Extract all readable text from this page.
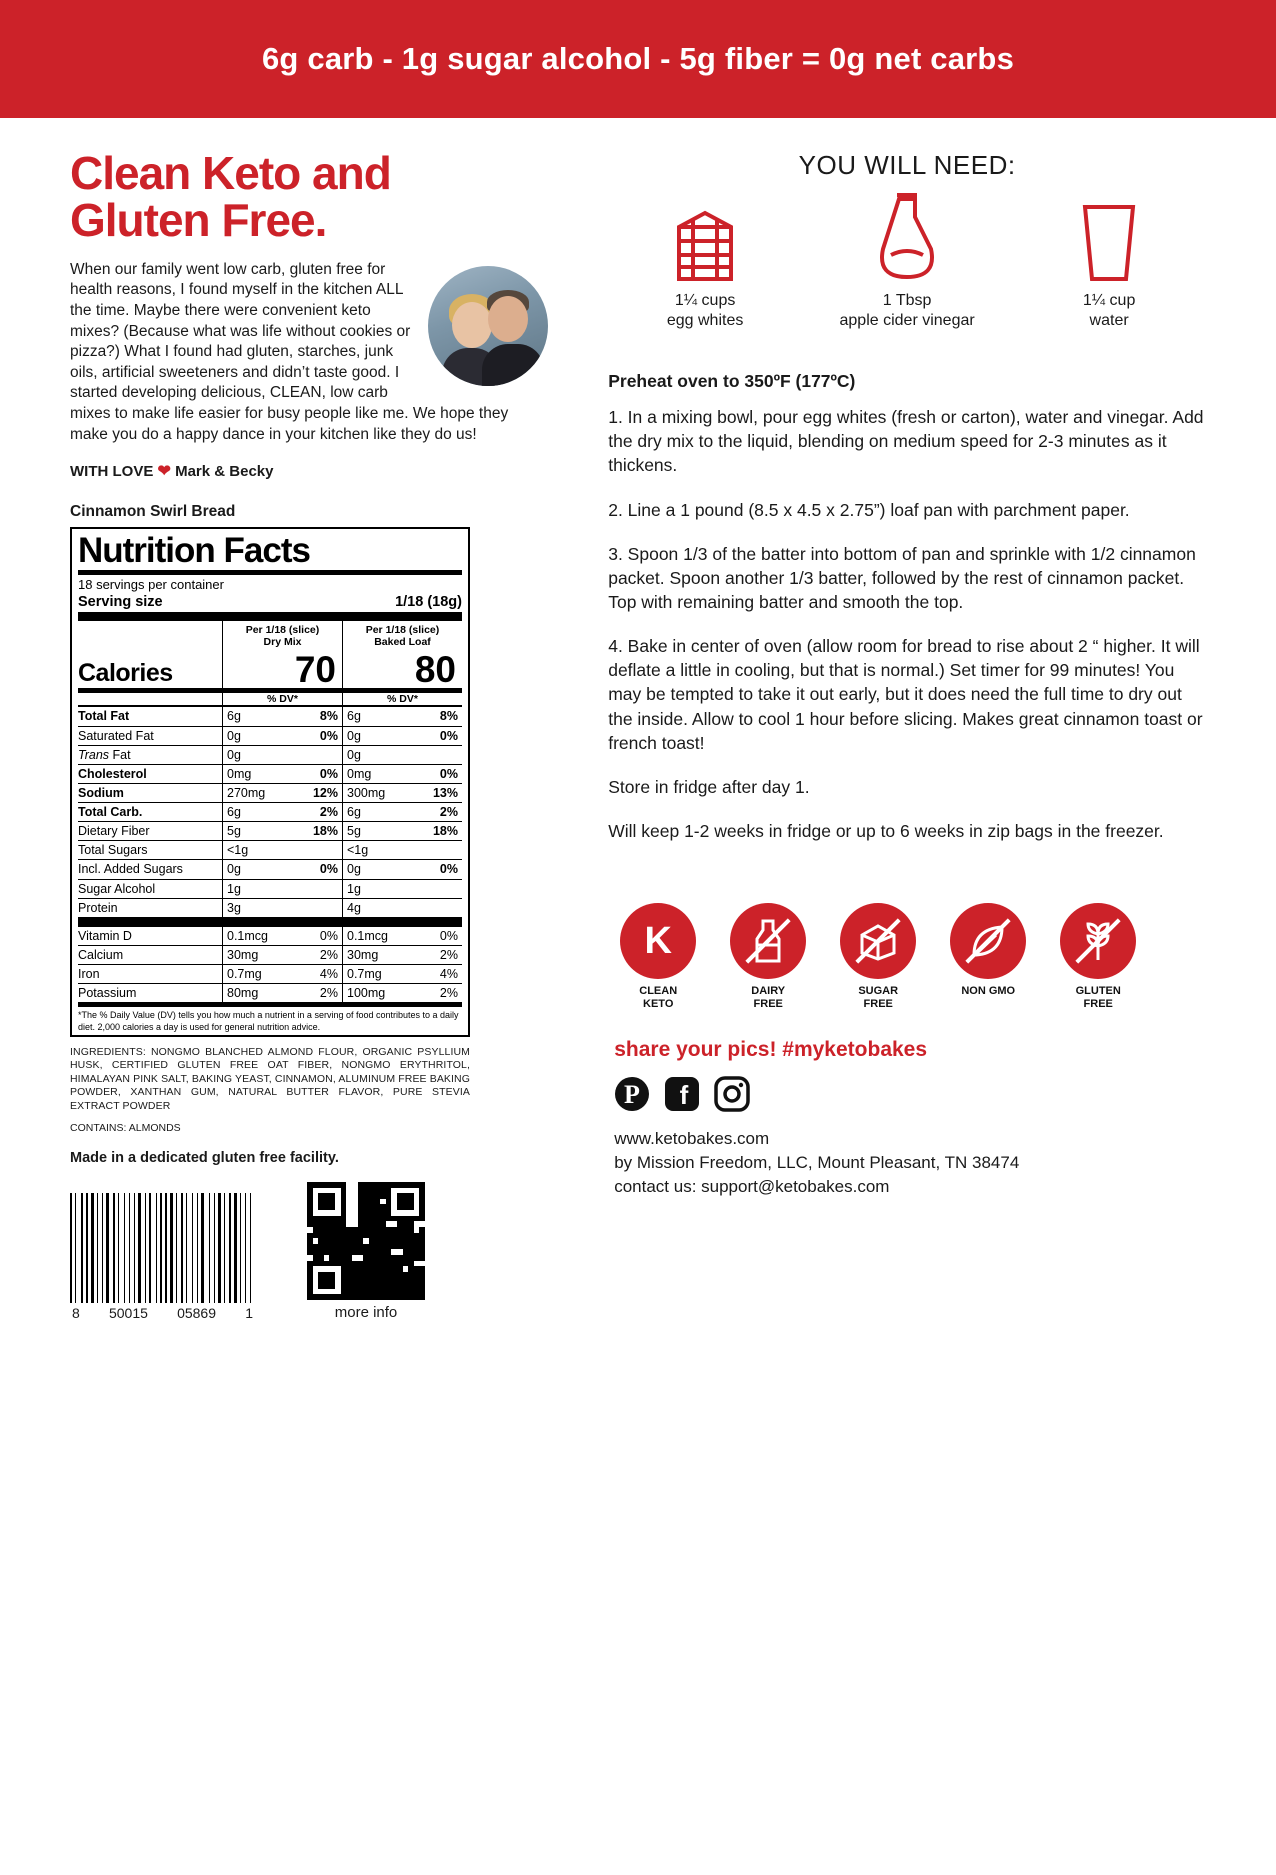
6g carb - 1g sugar alcohol - 5g fiber = 0g net carbs
Clean Keto and
Gluten Free.
When our family went low carb, gluten free for health reasons, I found myself in the kitchen ALL the time. Maybe there were convenient keto mixes? (Because what was life without cookies or pizza?) What I found had gluten, starches, junk oils, artificial sweeteners and didn’t taste good. I started developing delicious, CLEAN, low carb mixes to make life easier for busy people like me. We hope they make you do a happy dance in your kitchen like they do us!
WITH LOVE ❤ Mark & Becky
Cinnamon Swirl Bread
Nutrition Facts
18 servings per container
Serving size	1/18 (18g)
Per 1/18 (slice)
Dry Mix
Per 1/18 (slice)
Baked Loaf
Calories	70	80
% DV*	% DV*
Total Fat	6g	8% 6g	8%
Saturated Fat	0g	0% 0g	0%
Trans Fat	0g	0g
Cholesterol	0mg	0% 0mg	0%
Sodium	270mg	12% 300mg	13%
Total Carb.	6g	2% 6g	2%
Dietary Fiber	5g	18% 5g	18%
Total Sugars	<1g	<1g
Incl. Added Sugars	0g	0% 0g	0%
Sugar Alcohol	1g	1g
Protein	3g	4g
Vitamin D	0.1mcg	0% 0.1mcg	0%
Calcium	30mg	2% 30mg	2%
Iron	0.7mg	4% 0.7mg	4%
Potassium	80mg	2% 100mg	2%
*The % Daily Value (DV) tells you how much a nutrient in a serving of food contributes to a daily diet. 2,000 calories a day is used for general nutrition advice.
INGREDIENTS: NONGMO BLANCHED ALMOND FLOUR, ORGANIC PSYLLIUM HUSK, CERTIFIED GLUTEN FREE OAT FIBER, NONGMO ERYTHRITOL, HIMALAYAN PINK SALT, BAKING YEAST, CINNAMON, ALUMINUM FREE BAKING POWDER, XANTHAN GUM, NATURAL BUTTER FLAVOR, PURE STEVIA EXTRACT POWDER
CONTAINS: ALMONDS
Made in a dedicated gluten free facility.
8 50015 05869 1	more info
YOU WILL NEED:
1¼ cups
egg whites
1 Tbsp
apple cider vinegar
1¼ cup
water
Preheat oven to 350ºF (177ºC)

1. In a mixing bowl, pour egg whites (fresh or carton), water and vinegar. Add the dry mix to the liquid, blending on medium speed for 2-3 minutes as it thickens.

2. Line a 1 pound (8.5 x 4.5 x 2.75”) loaf pan with parchment paper.

3. Spoon 1/3 of the batter into bottom of pan and sprinkle with 1/2 cinnamon packet. Spoon another 1/3 batter, followed by the rest of cinnamon packet. Top with remaining batter and smooth the top.

4. Bake in center of oven (allow room for bread to rise about 2 “ higher. It will deflate a little in cooling, but that is normal.) Set timer for 99 minutes! You may be tempted to take it out early, but it does need the full time to dry out the inside. Allow to cool 1 hour before slicing. Makes great cinnamon toast or french toast!

Store in fridge after day 1.

Will keep 1-2 weeks in fridge or up to 6 weeks in zip bags in the freezer.

K
CLEAN
KETO
DAIRY
FREE
SUGAR
FREE
NON GMO	GLUTEN
FREE
share your pics! #myketobakes
P f
www.ketobakes.com
by Mission Freedom, LLC, Mount Pleasant, TN 38474
contact us: support@ketobakes.com
